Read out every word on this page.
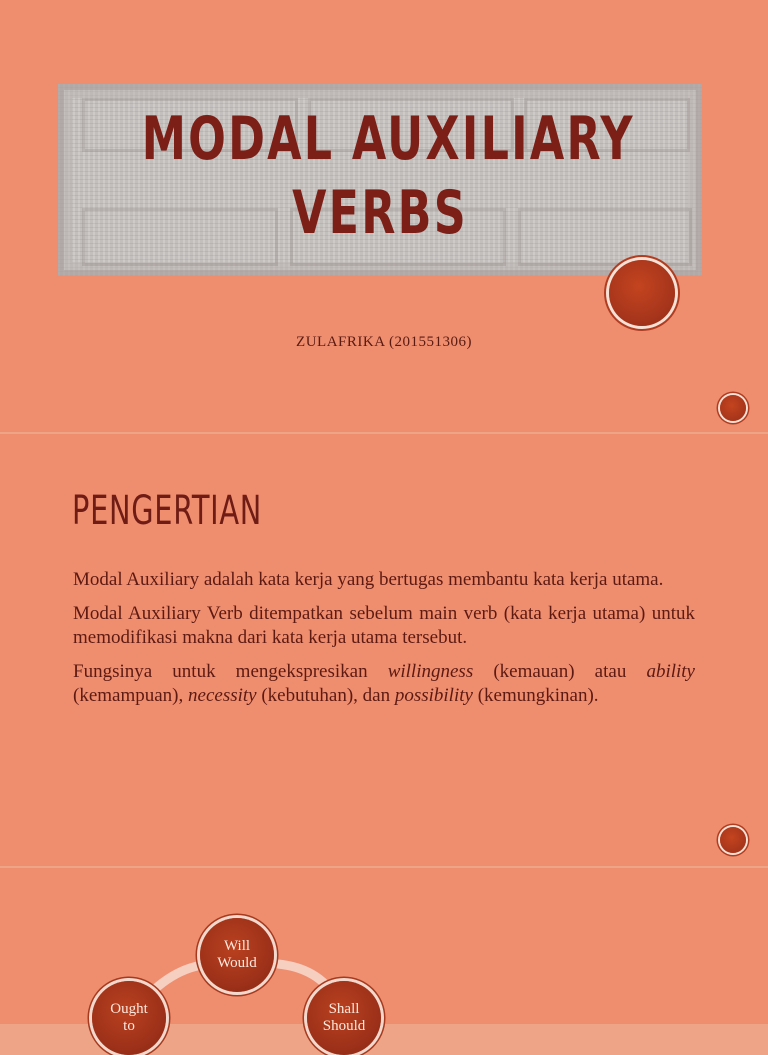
MODAL AUXILIARY
VERBS
ZULAFRIKA (201551306)
PENGERTIAN

Modal Auxiliary adalah kata kerja yang bertugas membantu kata kerja utama.

Modal Auxiliary Verb ditempatkan sebelum main verb (kata kerja utama) untuk memodifikasi makna dari kata kerja utama tersebut.

Fungsinya untuk mengekspresikan willingness (kemauan) atau ability (kemampuan), necessity (kebutuhan), dan possibility (kemungkinan).

Will
Would
Shall
Should
Ought
to
